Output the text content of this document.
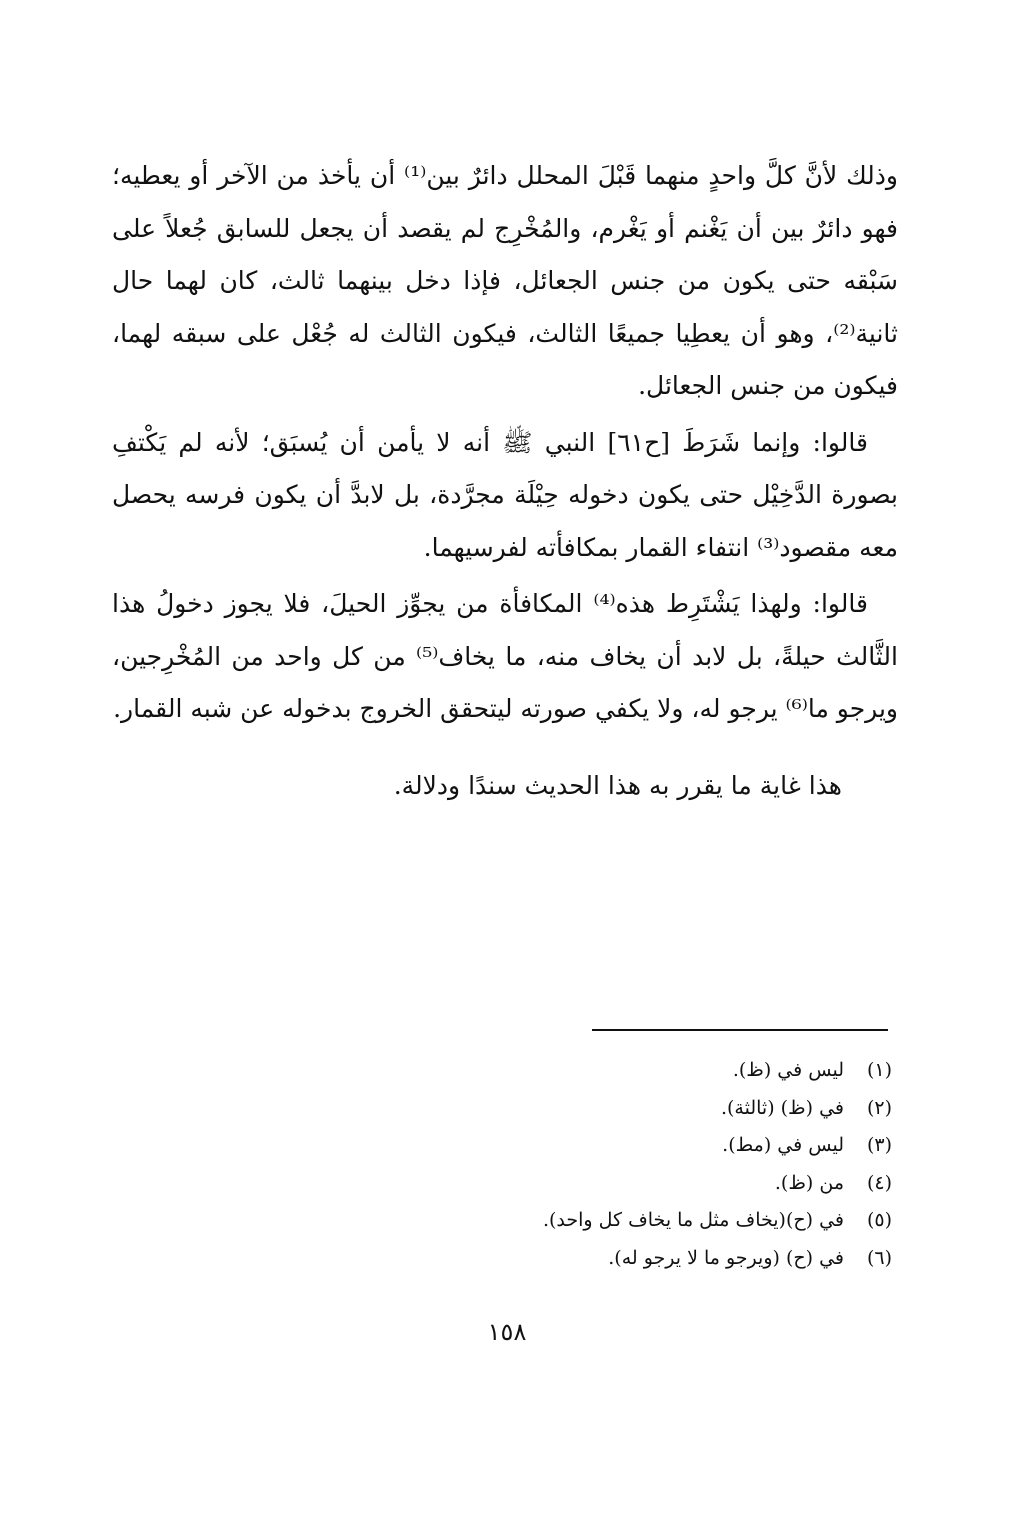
وذلك لأنَّ كلَّ واحدٍ منهما قَبْلَ المحلل دائرٌ بين⁽¹⁾ أن يأخذ من الآخر أو يعطيه؛ فهو دائرٌ بين أن يَغْنم أو يَغْرم، والمُخْرِج لم يقصد أن يجعل للسابق جُعلاً على سَبْقه حتى يكون من جنس الجعائل، فإذا دخل بينهما ثالث، كان لهما حال ثانية⁽²⁾، وهو أن يعطِيا جميعًا الثالث، فيكون الثالث له جُعْل على سبقه لهما، فيكون من جنس الجعائل.

قالوا: وإنما شَرَطَ [ح٦١] النبي ﷺ أنه لا يأمن أن يُسبَق؛ لأنه لم يَكْتفِ بصورة الدَّخِيْل حتى يكون دخوله حِيْلَة مجرَّدة، بل لابدَّ أن يكون فرسه يحصل معه مقصود⁽³⁾ انتفاء القمار بمكافأته لفرسيهما.

قالوا: ولهذا يَشْتَرِط هذه⁽⁴⁾ المكافأة من يجوِّز الحيلَ، فلا يجوز دخولُ هذا الثَّالث حيلةً، بل لابد أن يخاف منه، ما يخاف⁽⁵⁾ من كل واحد من المُخْرِجين، ويرجو ما⁽⁶⁾ يرجو له، ولا يكفي صورته ليتحقق الخروج بدخوله عن شبه القمار.

هذا غاية ما يقرر به هذا الحديث سندًا ودلالة.

(١)
ليس في (ظ).
(٢)
في (ظ) (ثالثة).
(٣)
ليس في (مط).
(٤)
من (ظ).
(٥)
في (ح)(يخاف مثل ما يخاف كل واحد).
(٦)
في (ح) (ويرجو ما لا يرجو له).
١٥٨
